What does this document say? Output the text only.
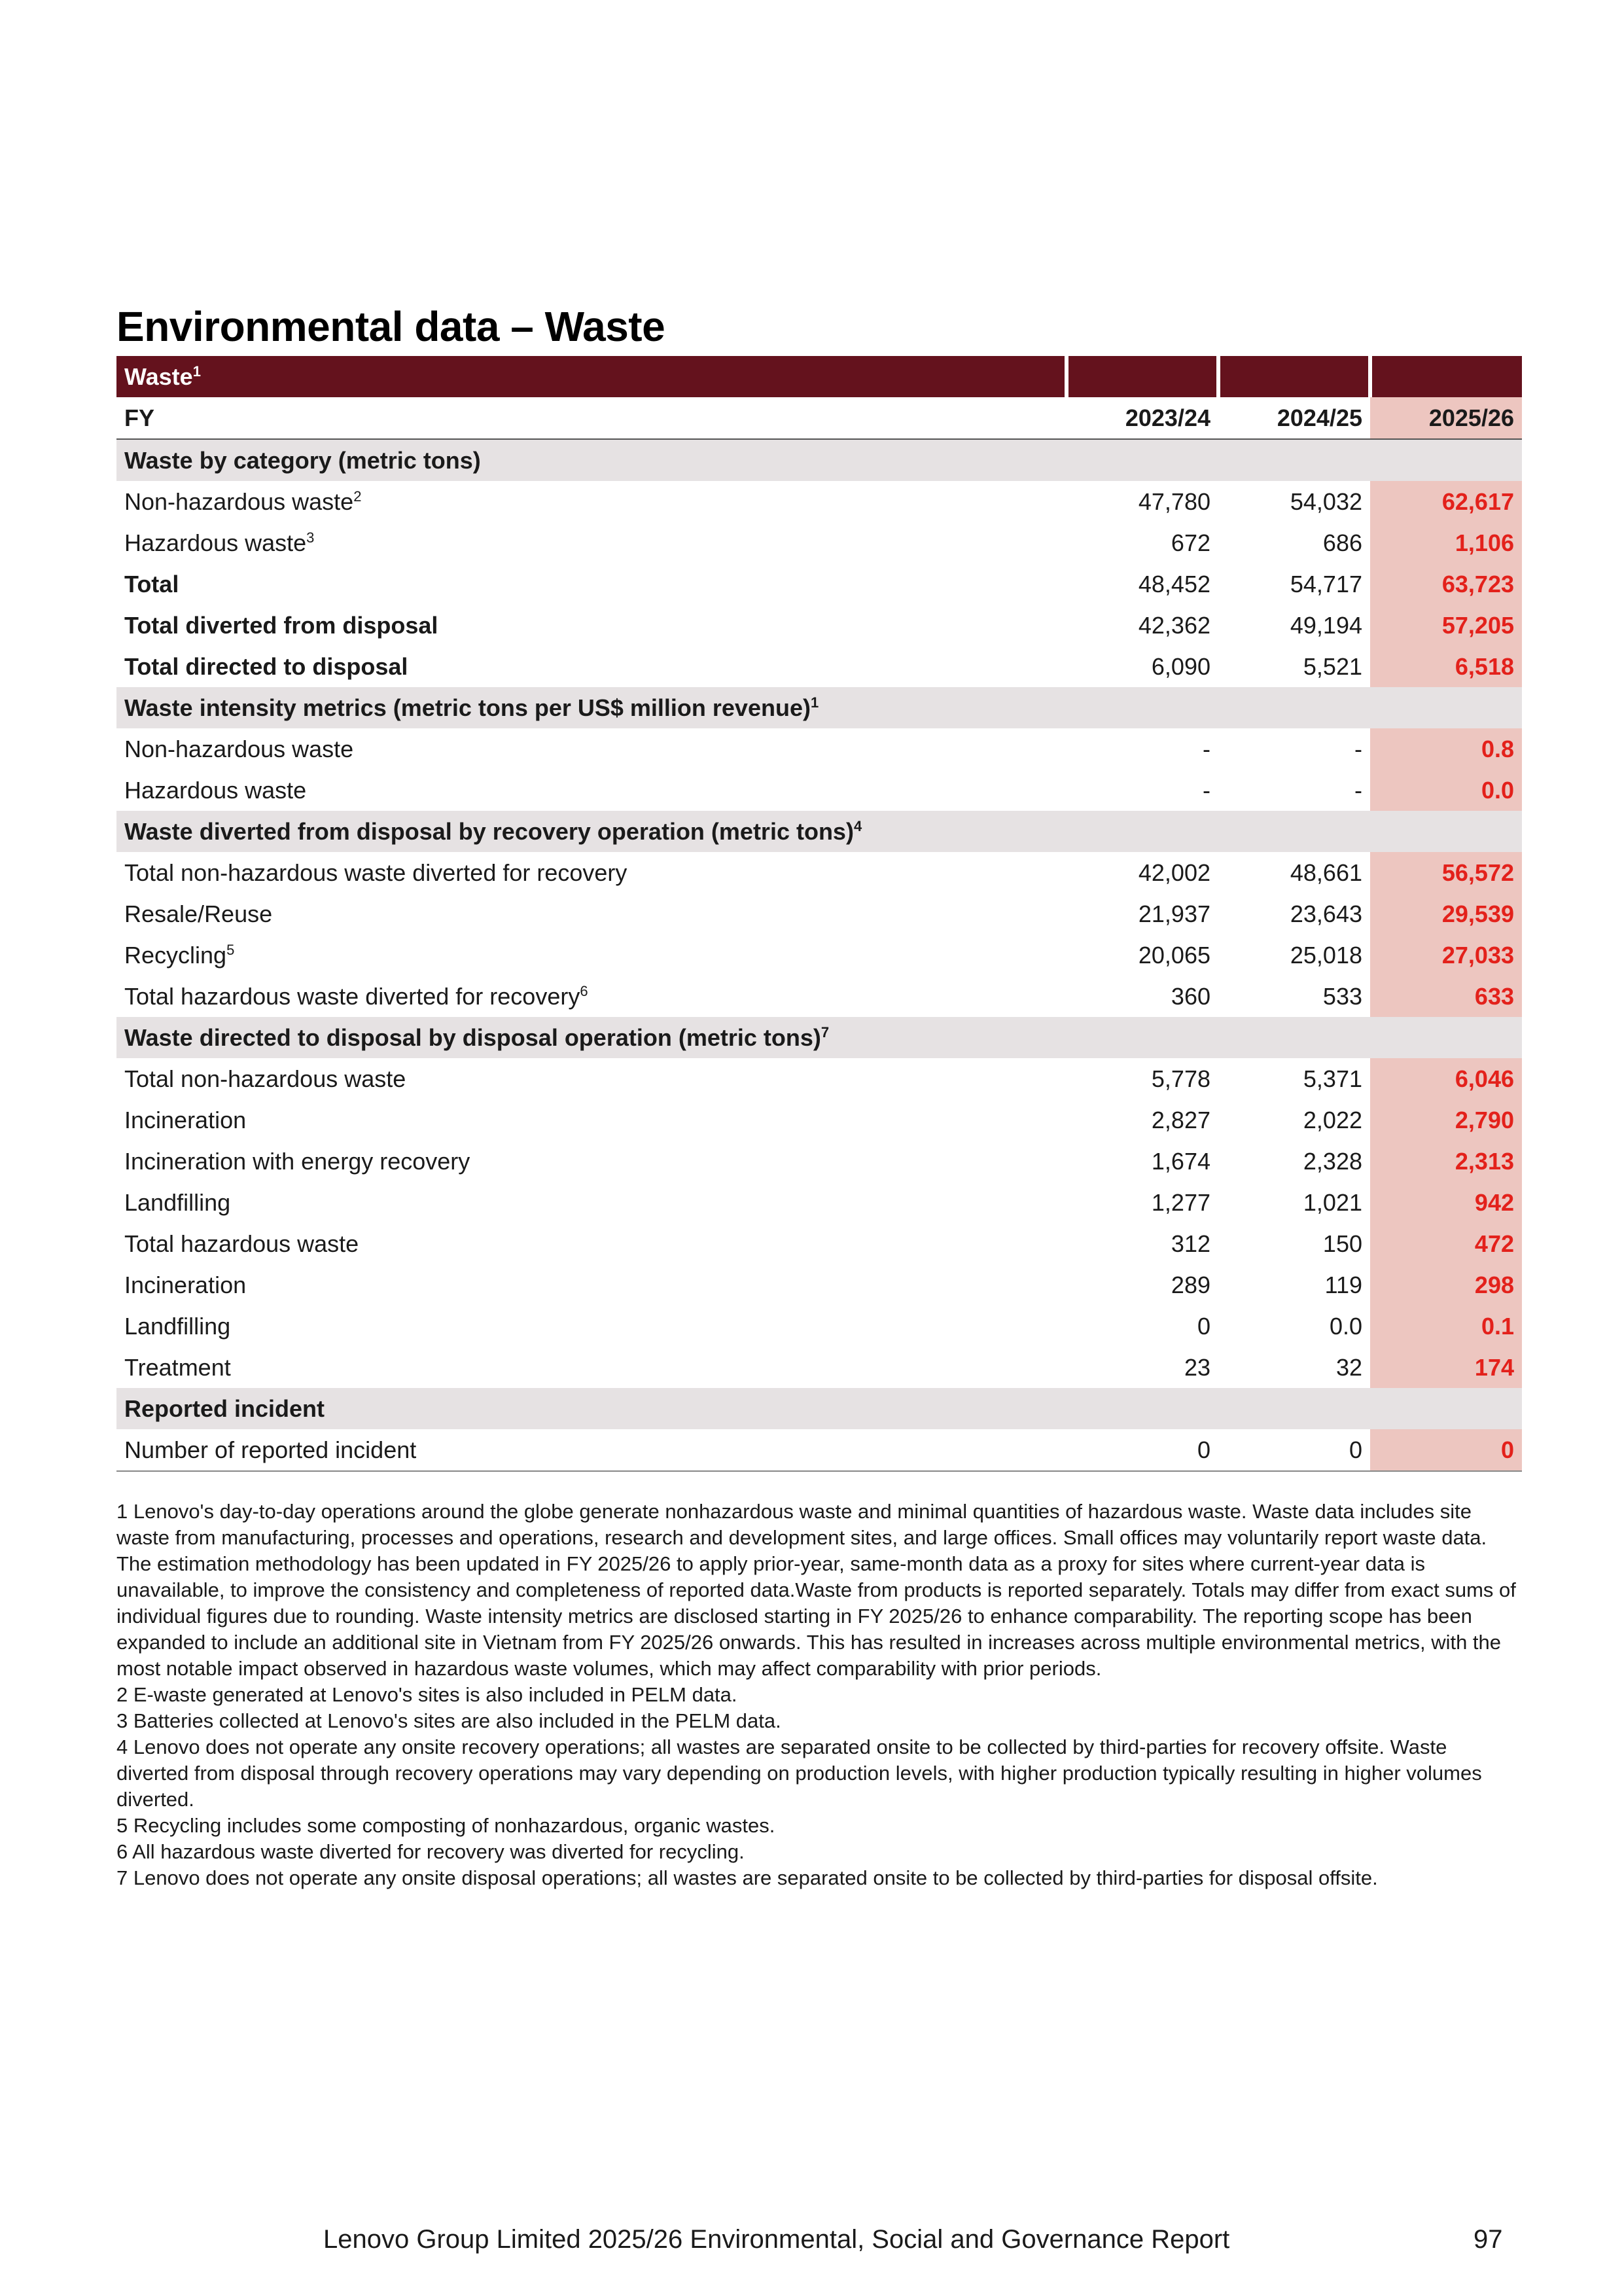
Environmental data – Waste
Waste$^1$			
FY	2023/24	2024/25	2025/26
Waste by category (metric tons)			
Non-hazardous waste$^2$	47,780	54,032	62,617
Hazardous waste$^3$	672	686	1,106
Total	48,452	54,717	63,723
Total diverted from disposal	42,362	49,194	57,205
Total directed to disposal	6,090	5,521	6,518
Waste intensity metrics (metric tons per US$ million revenue)$^1$			
Non-hazardous waste	-	-	0.8
Hazardous waste	-	-	0.0
Waste diverted from disposal by recovery operation (metric tons)$^4$			
Total non-hazardous waste diverted for recovery	42,002	48,661	56,572
Resale/Reuse	21,937	23,643	29,539
Recycling$^5$	20,065	25,018	27,033
Total hazardous waste diverted for recovery$^6$	360	533	633
Waste directed to disposal by disposal operation (metric tons)$^7$			
Total non-hazardous waste	5,778	5,371	6,046
Incineration	2,827	2,022	2,790
Incineration with energy recovery	1,674	2,328	2,313
Landfilling	1,277	1,021	942
Total hazardous waste	312	150	472
Incineration	289	119	298
Landfilling	0	0.0	0.1
Treatment	23	32	174
Reported incident			
Number of reported incident	0	0	0

1 Lenovo's day-to-day operations around the globe generate nonhazardous waste and minimal quantities of hazardous waste. Waste data includes site waste from manufacturing, processes and operations, research and development sites, and large offices. Small offices may voluntarily report waste data. The estimation methodology has been updated in FY 2025/26 to apply prior-year, same-month data as a proxy for sites where current-year data is unavailable, to improve the consistency and completeness of reported data.Waste from products is reported separately. Totals may differ from exact sums of individual figures due to rounding. Waste intensity metrics are disclosed starting in FY 2025/26 to enhance comparability. The reporting scope has been expanded to include an additional site in Vietnam from FY 2025/26 onwards. This has resulted in increases across multiple environmental metrics, with the most notable impact observed in hazardous waste volumes, which may affect comparability with prior periods.

2 E-waste generated at Lenovo's sites is also included in PELM data.

3 Batteries collected at Lenovo's sites are also included in the PELM data.

4 Lenovo does not operate any onsite recovery operations; all wastes are separated onsite to be collected by third-parties for recovery offsite. Waste diverted from disposal through recovery operations may vary depending on production levels, with higher production typically resulting in higher volumes diverted.

5 Recycling includes some composting of nonhazardous, organic wastes.

6 All hazardous waste diverted for recovery was diverted for recycling.

7 Lenovo does not operate any onsite disposal operations; all wastes are separated onsite to be collected by third-parties for disposal offsite.

Lenovo Group Limited 2025/26 Environmental, Social and Governance Report	97
